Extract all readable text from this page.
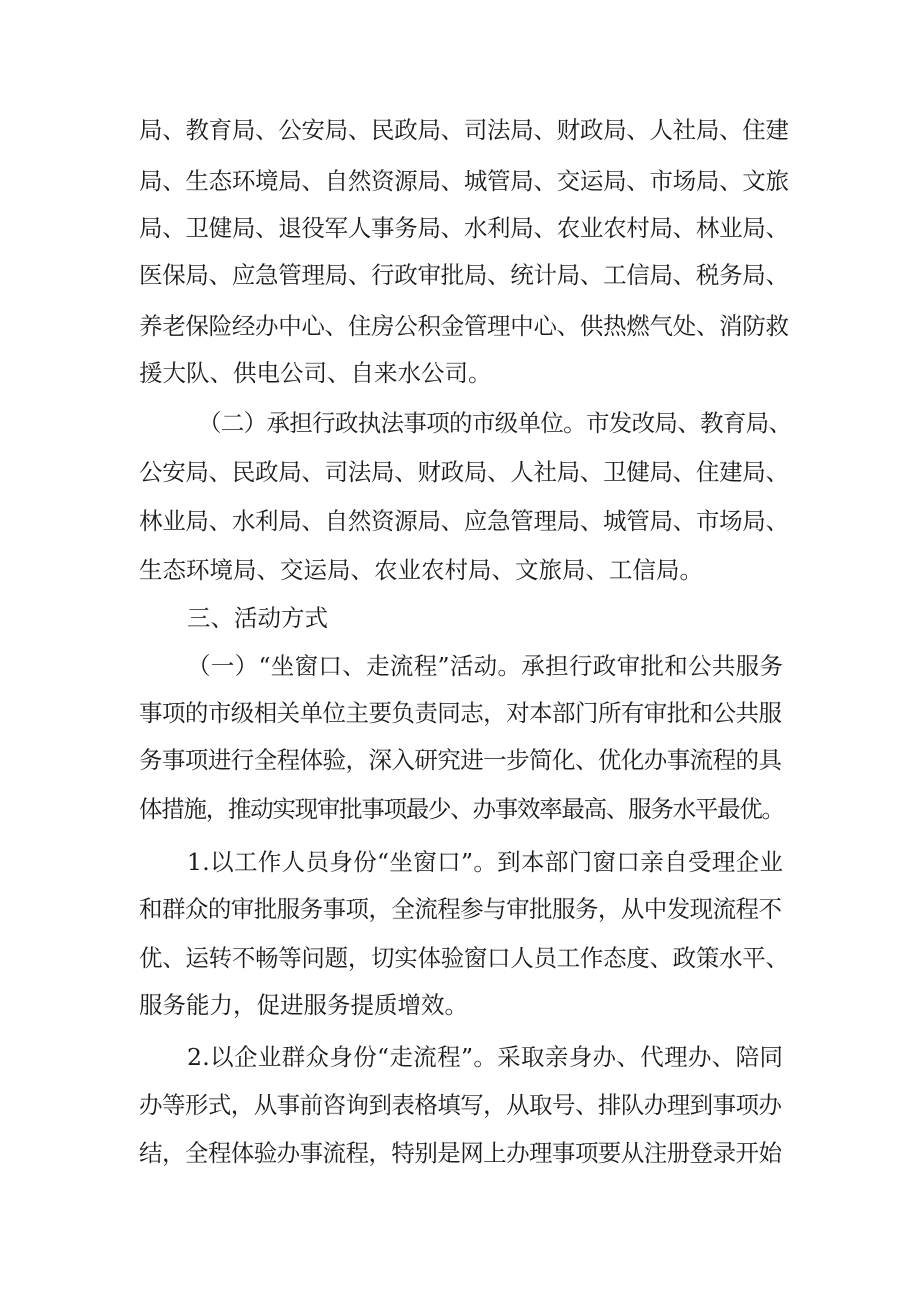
局、教育局、公安局、民政局、司法局、财政局、人社局、住建
局、生态环境局、自然资源局、城管局、交运局、市场局、文旅
局、卫健局、退役军人事务局、水利局、农业农村局、林业局、
医保局、应急管理局、行政审批局、统计局、工信局、税务局、
养老保险经办中心、住房公积金管理中心、供热燃气处、消防救
援大队、供电公司、自来水公司。
（二）承担行政执法事项的市级单位。市发改局、教育局、
公安局、民政局、司法局、财政局、人社局、卫健局、住建局、
林业局、水利局、自然资源局、应急管理局、城管局、市场局、
生态环境局、交运局、农业农村局、文旅局、工信局。
三、活动方式
（一）“坐窗口、走流程”活动。承担行政审批和公共服务
事项的市级相关单位主要负责同志，对本部门所有审批和公共服
务事项进行全程体验，深入研究进一步简化、优化办事流程的具
体措施，推动实现审批事项最少、办事效率最高、服务水平最优。
1.以工作人员身份“坐窗口”。到本部门窗口亲自受理企业
和群众的审批服务事项，全流程参与审批服务，从中发现流程不
优、运转不畅等问题，切实体验窗口人员工作态度、政策水平、
服务能力，促进服务提质增效。
2.以企业群众身份“走流程”。采取亲身办、代理办、陪同
办等形式，从事前咨询到表格填写，从取号、排队办理到事项办
结，全程体验办事流程，特别是网上办理事项要从注册登录开始
